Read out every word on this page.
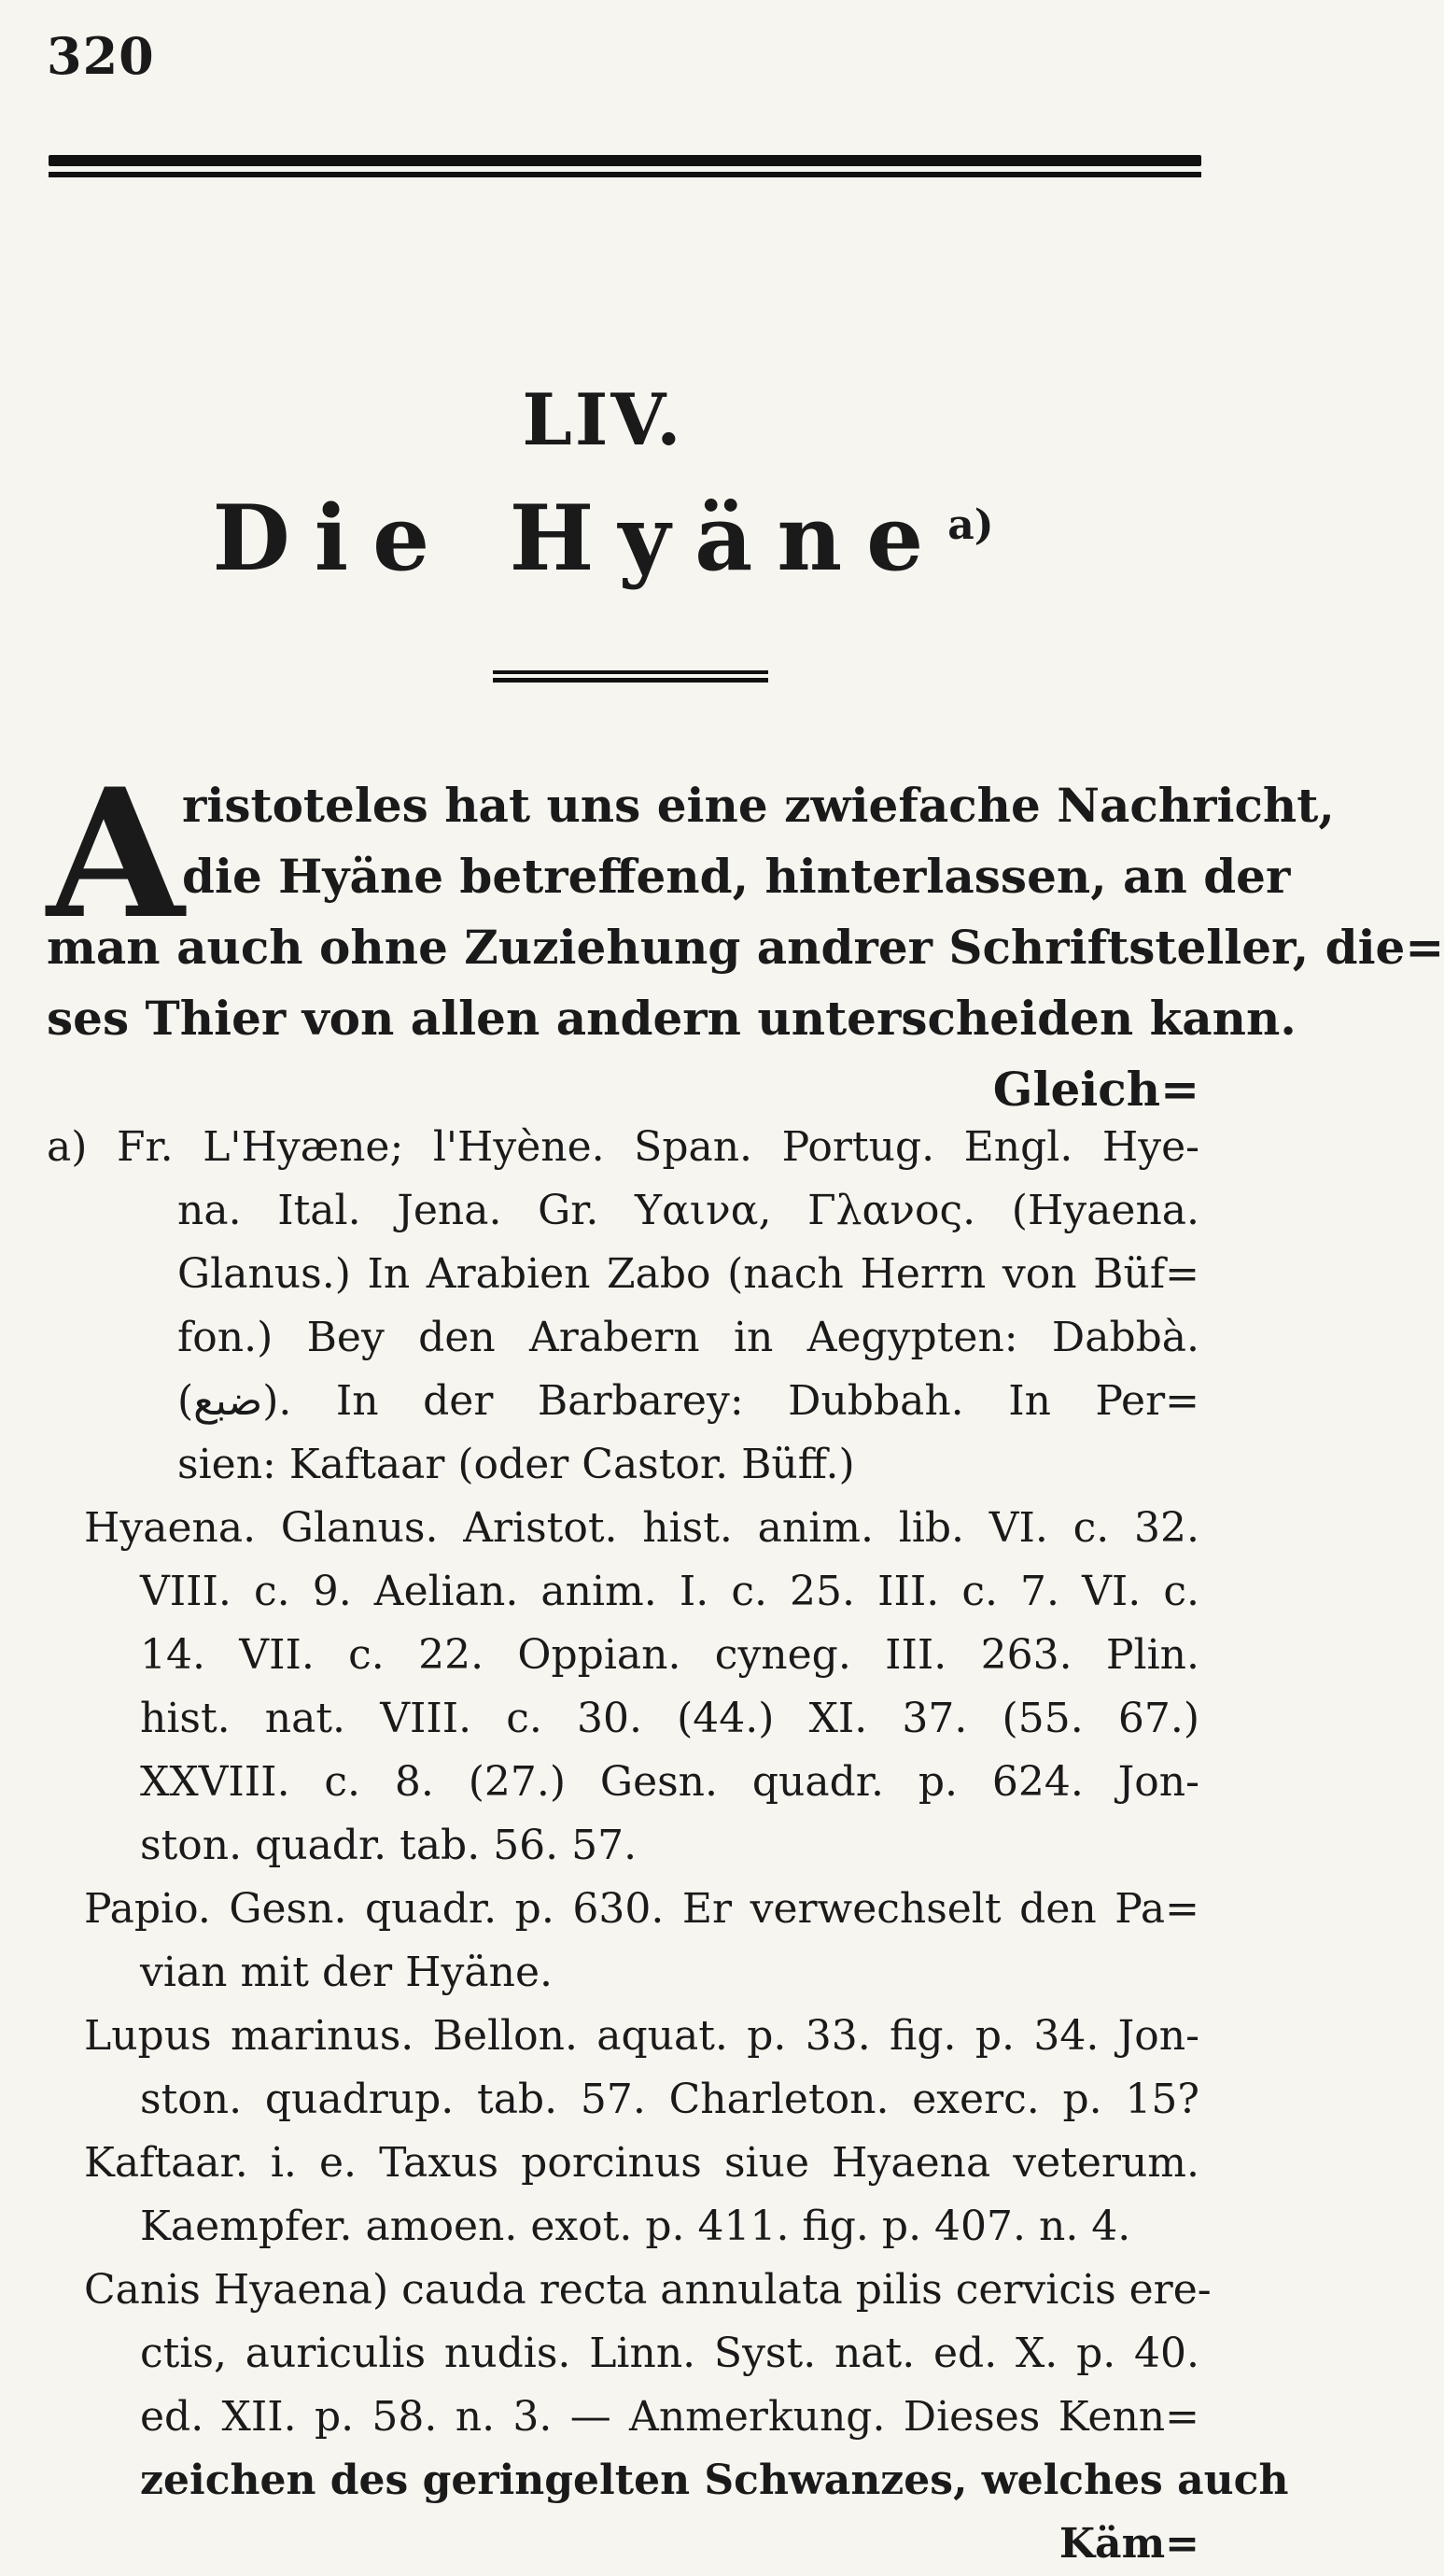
320
LIV.
Die Hyäne$^{a)}$
A
ristoteles hat uns eine zwiefache Nachricht,
die Hyäne betreffend, hinterlassen, an der
man auch ohne Zuziehung andrer Schriftsteller, die=
ses Thier von allen andern unterscheiden kann.
Gleich=
a) Fr. L'Hyæne; l'Hyène. Span. Portug. Engl. Hye-
na. Ital. Jena. Gr. Υαινα, Γλανος. (Hyaena.
Glanus.) In Arabien Zabo (nach Herrn von Büf=
fon.) Bey den Arabern in Aegypten: Dabbà.
(ضبع). In der Barbarey: Dubbah. In Per=
sien: Kaftaar (oder Castor. Büff.)
Hyaena. Glanus. Aristot. hist. anim. lib. VI. c. 32.
VIII. c. 9. Aelian. anim. I. c. 25. III. c. 7. VI. c.
14. VII. c. 22. Oppian. cyneg. III. 263. Plin.
hist. nat. VIII. c. 30. (44.) XI. 37. (55. 67.)
XXVIII. c. 8. (27.) Gesn. quadr. p. 624. Jon-
ston. quadr. tab. 56. 57.
Papio. Gesn. quadr. p. 630. Er verwechselt den Pa=
vian mit der Hyäne.
Lupus marinus. Bellon. aquat. p. 33. fig. p. 34. Jon-
ston. quadrup. tab. 57. Charleton. exerc. p. 15?
Kaftaar. i. e. Taxus porcinus siue Hyaena veterum.
Kaempfer. amoen. exot. p. 411. fig. p. 407. n. 4.
Canis Hyaena) cauda recta annulata pilis cervicis ere-
ctis, auriculis nudis. Linn. Syst. nat. ed. X. p. 40.
ed. XII. p. 58. n. 3. — Anmerkung. Dieses Kenn=
zeichen des geringelten Schwanzes, welches auch
Käm=
